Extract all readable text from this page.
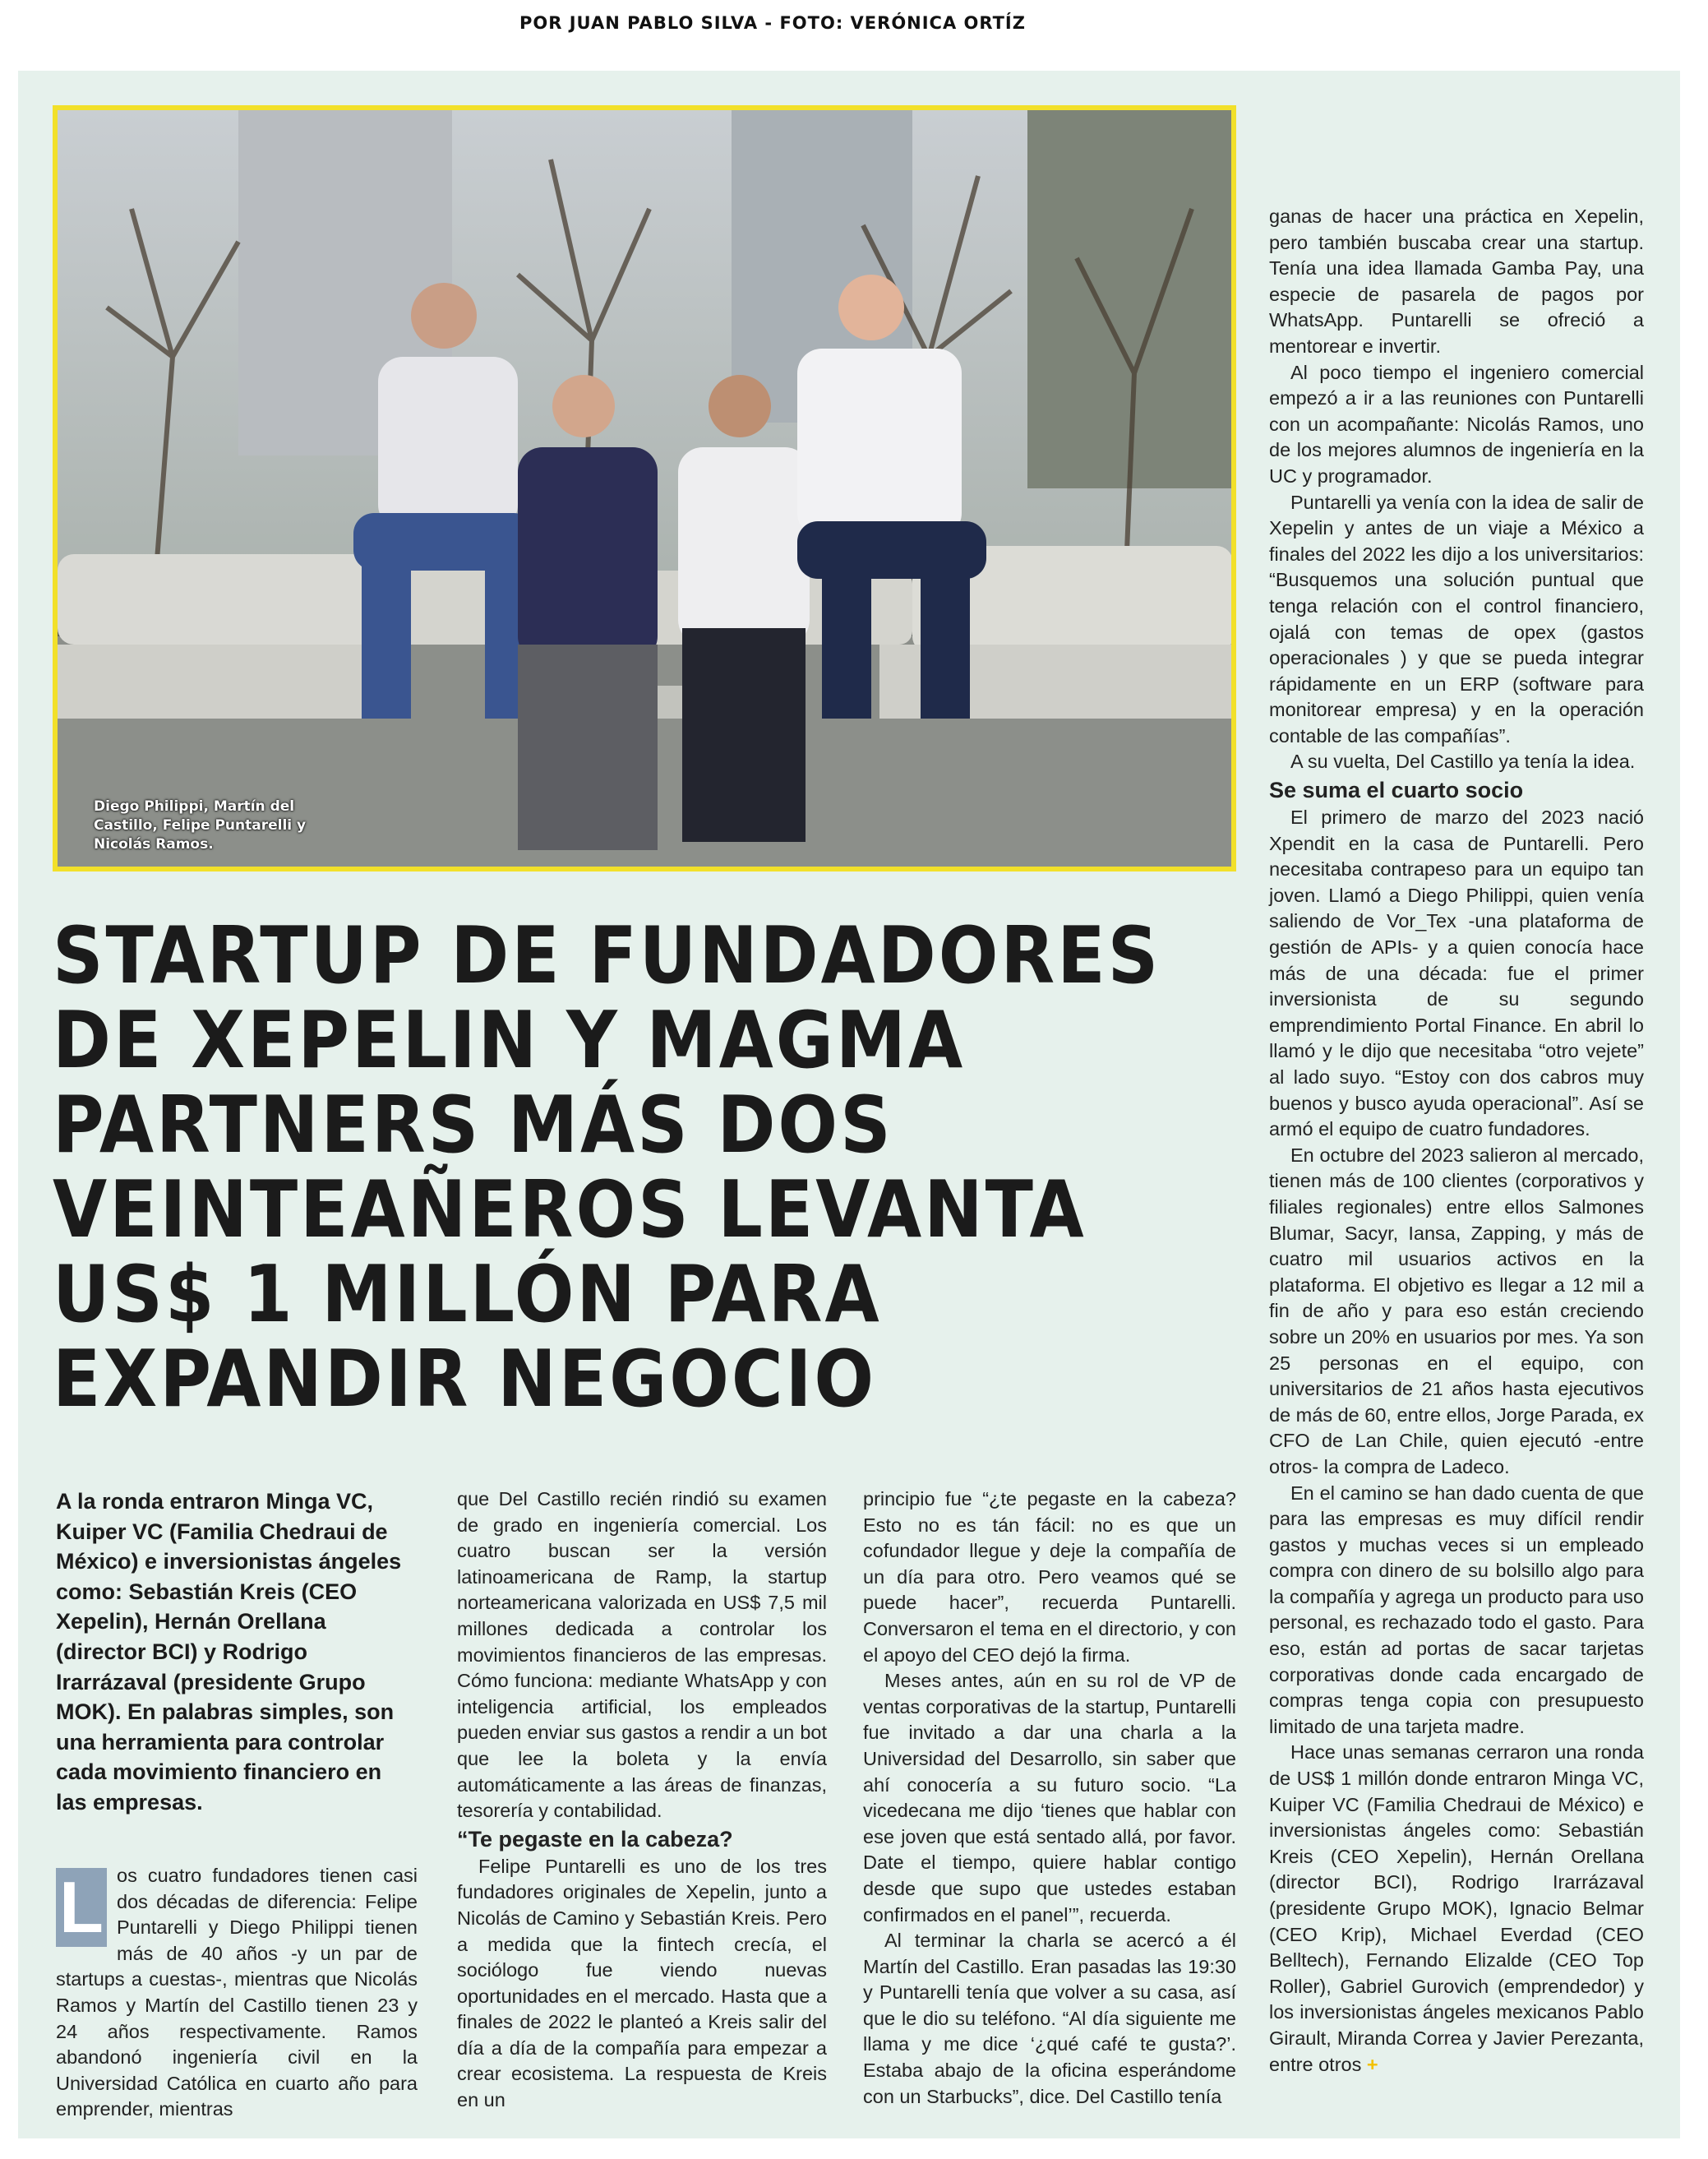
POR JUAN PABLO SILVA - FOTO: VERÓNICA ORTÍZ
Diego Philippi, Martín del Castillo, Felipe Puntarelli y Nicolás Ramos.
STARTUP DE FUNDADORES DE XEPELIN Y MAGMA PARTNERS MÁS DOS VEINTEAÑEROS LEVANTA US$ 1 MILLÓN PARA EXPANDIR NEGOCIO

A la ronda entraron Minga VC, Kuiper VC (Familia Chedraui de México) e inversionistas ángeles como: Sebastián Kreis (CEO Xepelin), Hernán Orellana (director BCI) y Rodrigo Irarrázaval (presidente Grupo MOK). En palabras simples, son una herramienta para controlar cada movimiento financiero en las empresas.

L os cuatro fundadores tienen casi dos décadas de diferencia: Felipe Puntarelli y Diego Philippi tienen más de 40 años -y un par de startups a cuestas-, mientras que Nicolás Ramos y Martín del Castillo tienen 23 y 24 años respectivamente. Ramos abandonó ingeniería civil en la Universidad Católica en cuarto año para emprender, mientras

que Del Castillo recién rindió su examen de grado en ingeniería comercial. Los cuatro buscan ser la versión latinoamericana de Ramp, la startup norteamericana valorizada en US$ 7,5 mil millones dedicada a controlar los movimientos financieros de las empresas. Cómo funciona: mediante WhatsApp y con inteligencia artificial, los empleados pueden enviar sus gastos a rendir a un bot que lee la boleta y la envía automáticamente a las áreas de finanzas, tesorería y contabilidad.

“Te pegaste en la cabeza?

Felipe Puntarelli es uno de los tres fundadores originales de Xepelin, junto a Nicolás de Camino y Sebastián Kreis. Pero a medida que la fintech crecía, el sociólogo fue viendo nuevas oportunidades en el mercado. Hasta que a finales de 2022 le planteó a Kreis salir del día a día de la compañía para empezar a crear ecosistema. La respuesta de Kreis en un

principio fue “¿te pegaste en la cabeza? Esto no es tán fácil: no es que un cofundador llegue y deje la compañía de un día para otro. Pero veamos qué se puede hacer”, recuerda Puntarelli. Conversaron el tema en el directorio, y con el apoyo del CEO dejó la firma.

Meses antes, aún en su rol de VP de ventas corporativas de la startup, Puntarelli fue invitado a dar una charla a la Universidad del Desarrollo, sin saber que ahí conocería a su futuro socio. “La vicedecana me dijo ‘tienes que hablar con ese joven que está sentado allá, por favor. Date el tiempo, quiere hablar contigo desde que supo que ustedes estaban confirmados en el panel’”, recuerda.

Al terminar la charla se acercó a él Martín del Castillo. Eran pasadas las 19:30 y Puntarelli tenía que volver a su casa, así que le dio su teléfono. “Al día siguiente me llama y me dice ‘¿qué café te gusta?’. Estaba abajo de la oficina esperándome con un Starbucks”, dice. Del Castillo tenía

ganas de hacer una práctica en Xepelin, pero también buscaba crear una startup. Tenía una idea llamada Gamba Pay, una especie de pasarela de pagos por WhatsApp. Puntarelli se ofreció a mentorear e invertir.

Al poco tiempo el ingeniero comercial empezó a ir a las reuniones con Puntarelli con un acompañante: Nicolás Ramos, uno de los mejores alumnos de ingeniería en la UC y programador.

Puntarelli ya venía con la idea de salir de Xepelin y antes de un viaje a México a finales del 2022 les dijo a los universitarios: “Busquemos una solución puntual que tenga relación con el control financiero, ojalá con temas de opex (gastos operacionales ) y que se pueda integrar rápidamente en un ERP (software para monitorear empresa) y en la operación contable de las compañías”.

A su vuelta, Del Castillo ya tenía la idea.

Se suma el cuarto socio

El primero de marzo del 2023 nació Xpendit en la casa de Puntarelli. Pero necesitaba contrapeso para un equipo tan joven. Llamó a Diego Philippi, quien venía saliendo de Vor_Tex -una plataforma de gestión de APIs- y a quien conocía hace más de una década: fue el primer inversionista de su segundo emprendimiento Portal Finance. En abril lo llamó y le dijo que necesitaba “otro vejete” al lado suyo. “Estoy con dos cabros muy buenos y busco ayuda operacional”. Así se armó el equipo de cuatro fundadores.

En octubre del 2023 salieron al mercado, tienen más de 100 clientes (corporativos y filiales regionales) entre ellos Salmones Blumar, Sacyr, Iansa, Zapping, y más de cuatro mil usuarios activos en la plataforma. El objetivo es llegar a 12 mil a fin de año y para eso están creciendo sobre un 20% en usuarios por mes. Ya son 25 personas en el equipo, con universitarios de 21 años hasta ejecutivos de más de 60, entre ellos, Jorge Parada, ex CFO de Lan Chile, quien ejecutó -entre otros- la compra de Ladeco.

En el camino se han dado cuenta de que para las empresas es muy difícil rendir gastos y muchas veces si un empleado compra con dinero de su bolsillo algo para la compañía y agrega un producto para uso personal, es rechazado todo el gasto. Para eso, están ad portas de sacar tarjetas corporativas donde cada encargado de compras tenga copia con presupuesto limitado de una tarjeta madre.

Hace unas semanas cerraron una ronda de US$ 1 millón donde entraron Minga VC, Kuiper VC (Familia Chedraui de México) e inversionistas ángeles como: Sebastián Kreis (CEO Xepelin), Hernán Orellana (director BCI), Rodrigo Irarrázaval (presidente Grupo MOK), Ignacio Belmar (CEO Krip), Michael Everdad (CEO Belltech), Fernando Elizalde (CEO Top Roller), Gabriel Gurovich (emprendedor) y los inversionistas ángeles mexicanos Pablo Girault, Miranda Correa y Javier Perezanta, entre otros +
